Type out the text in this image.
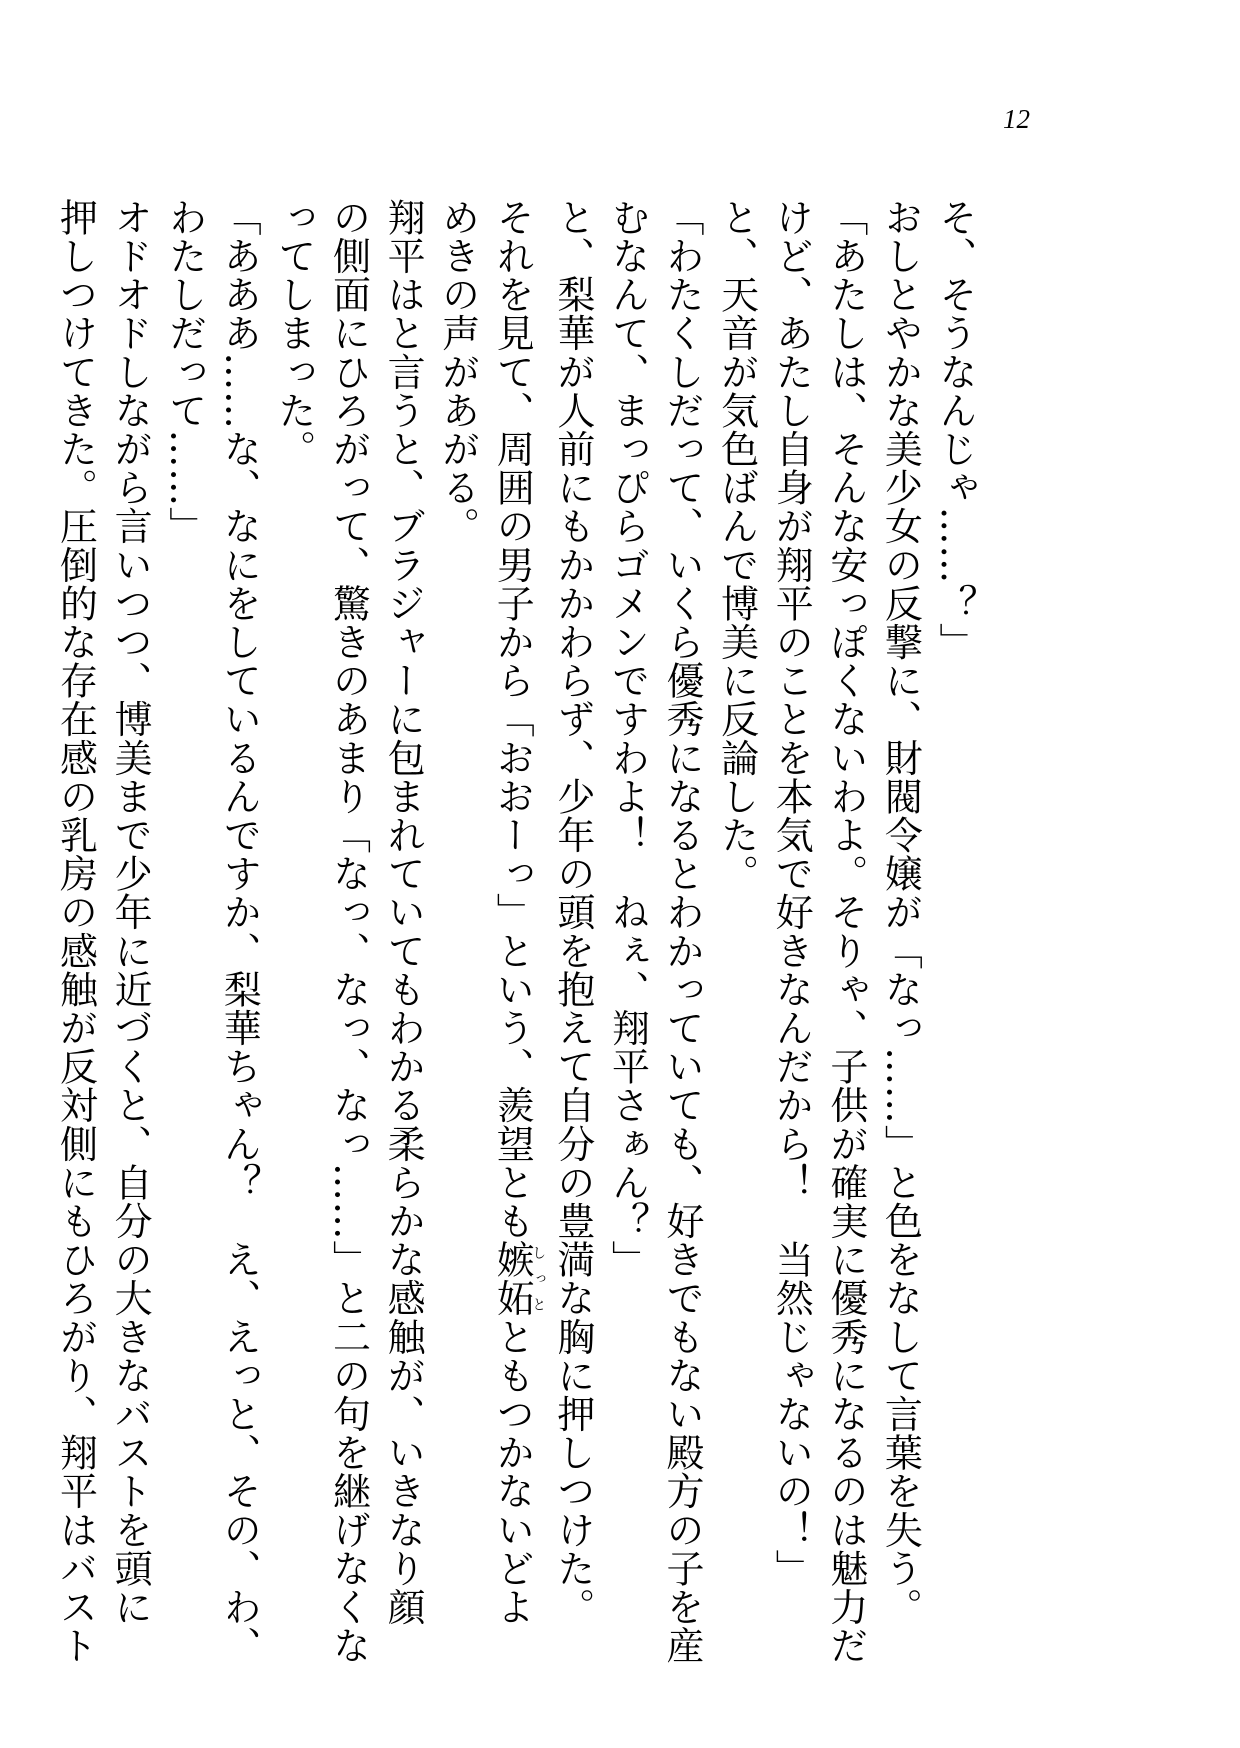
12
そ、そうなんじゃ……？」
おしとやかな美少女の反撃に、財閥令嬢が「なっ……」と色をなして言葉を失う。
「あたしは、そんな安っぽくないわよ。そりゃ、子供が確実に優秀になるのは魅力だ
けど、あたし自身が翔平のことを本気で好きなんだから！　当然じゃないの！」
と、天音が気色ばんで博美に反論した。
「わたくしだって、いくら優秀になるとわかっていても、好きでもない殿方の子を産
むなんて、まっぴらゴメンですわよ！　ねぇ、翔平さぁん？」
と、梨華が人前にもかかわらず、少年の頭を抱えて自分の豊満な胸に押しつけた。
それを見て、周囲の男子から「おおーっ」という、羨望とも嫉妬しっとともつかないどよ
めきの声があがる。
翔平はと言うと、ブラジャーに包まれていてもわかる柔らかな感触が、いきなり顔
の側面にひろがって、驚きのあまり「なっ、なっ、なっ……」と二の句を継げなくな
ってしまった。
「あああ……な、なにをしているんですか、梨華ちゃん？　え、えっと、その、わ、
わたしだって……」
オドオドしながら言いつつ、博美まで少年に近づくと、自分の大きなバストを頭に
押しつけてきた。圧倒的な存在感の乳房の感触が反対側にもひろがり、翔平はバスト
